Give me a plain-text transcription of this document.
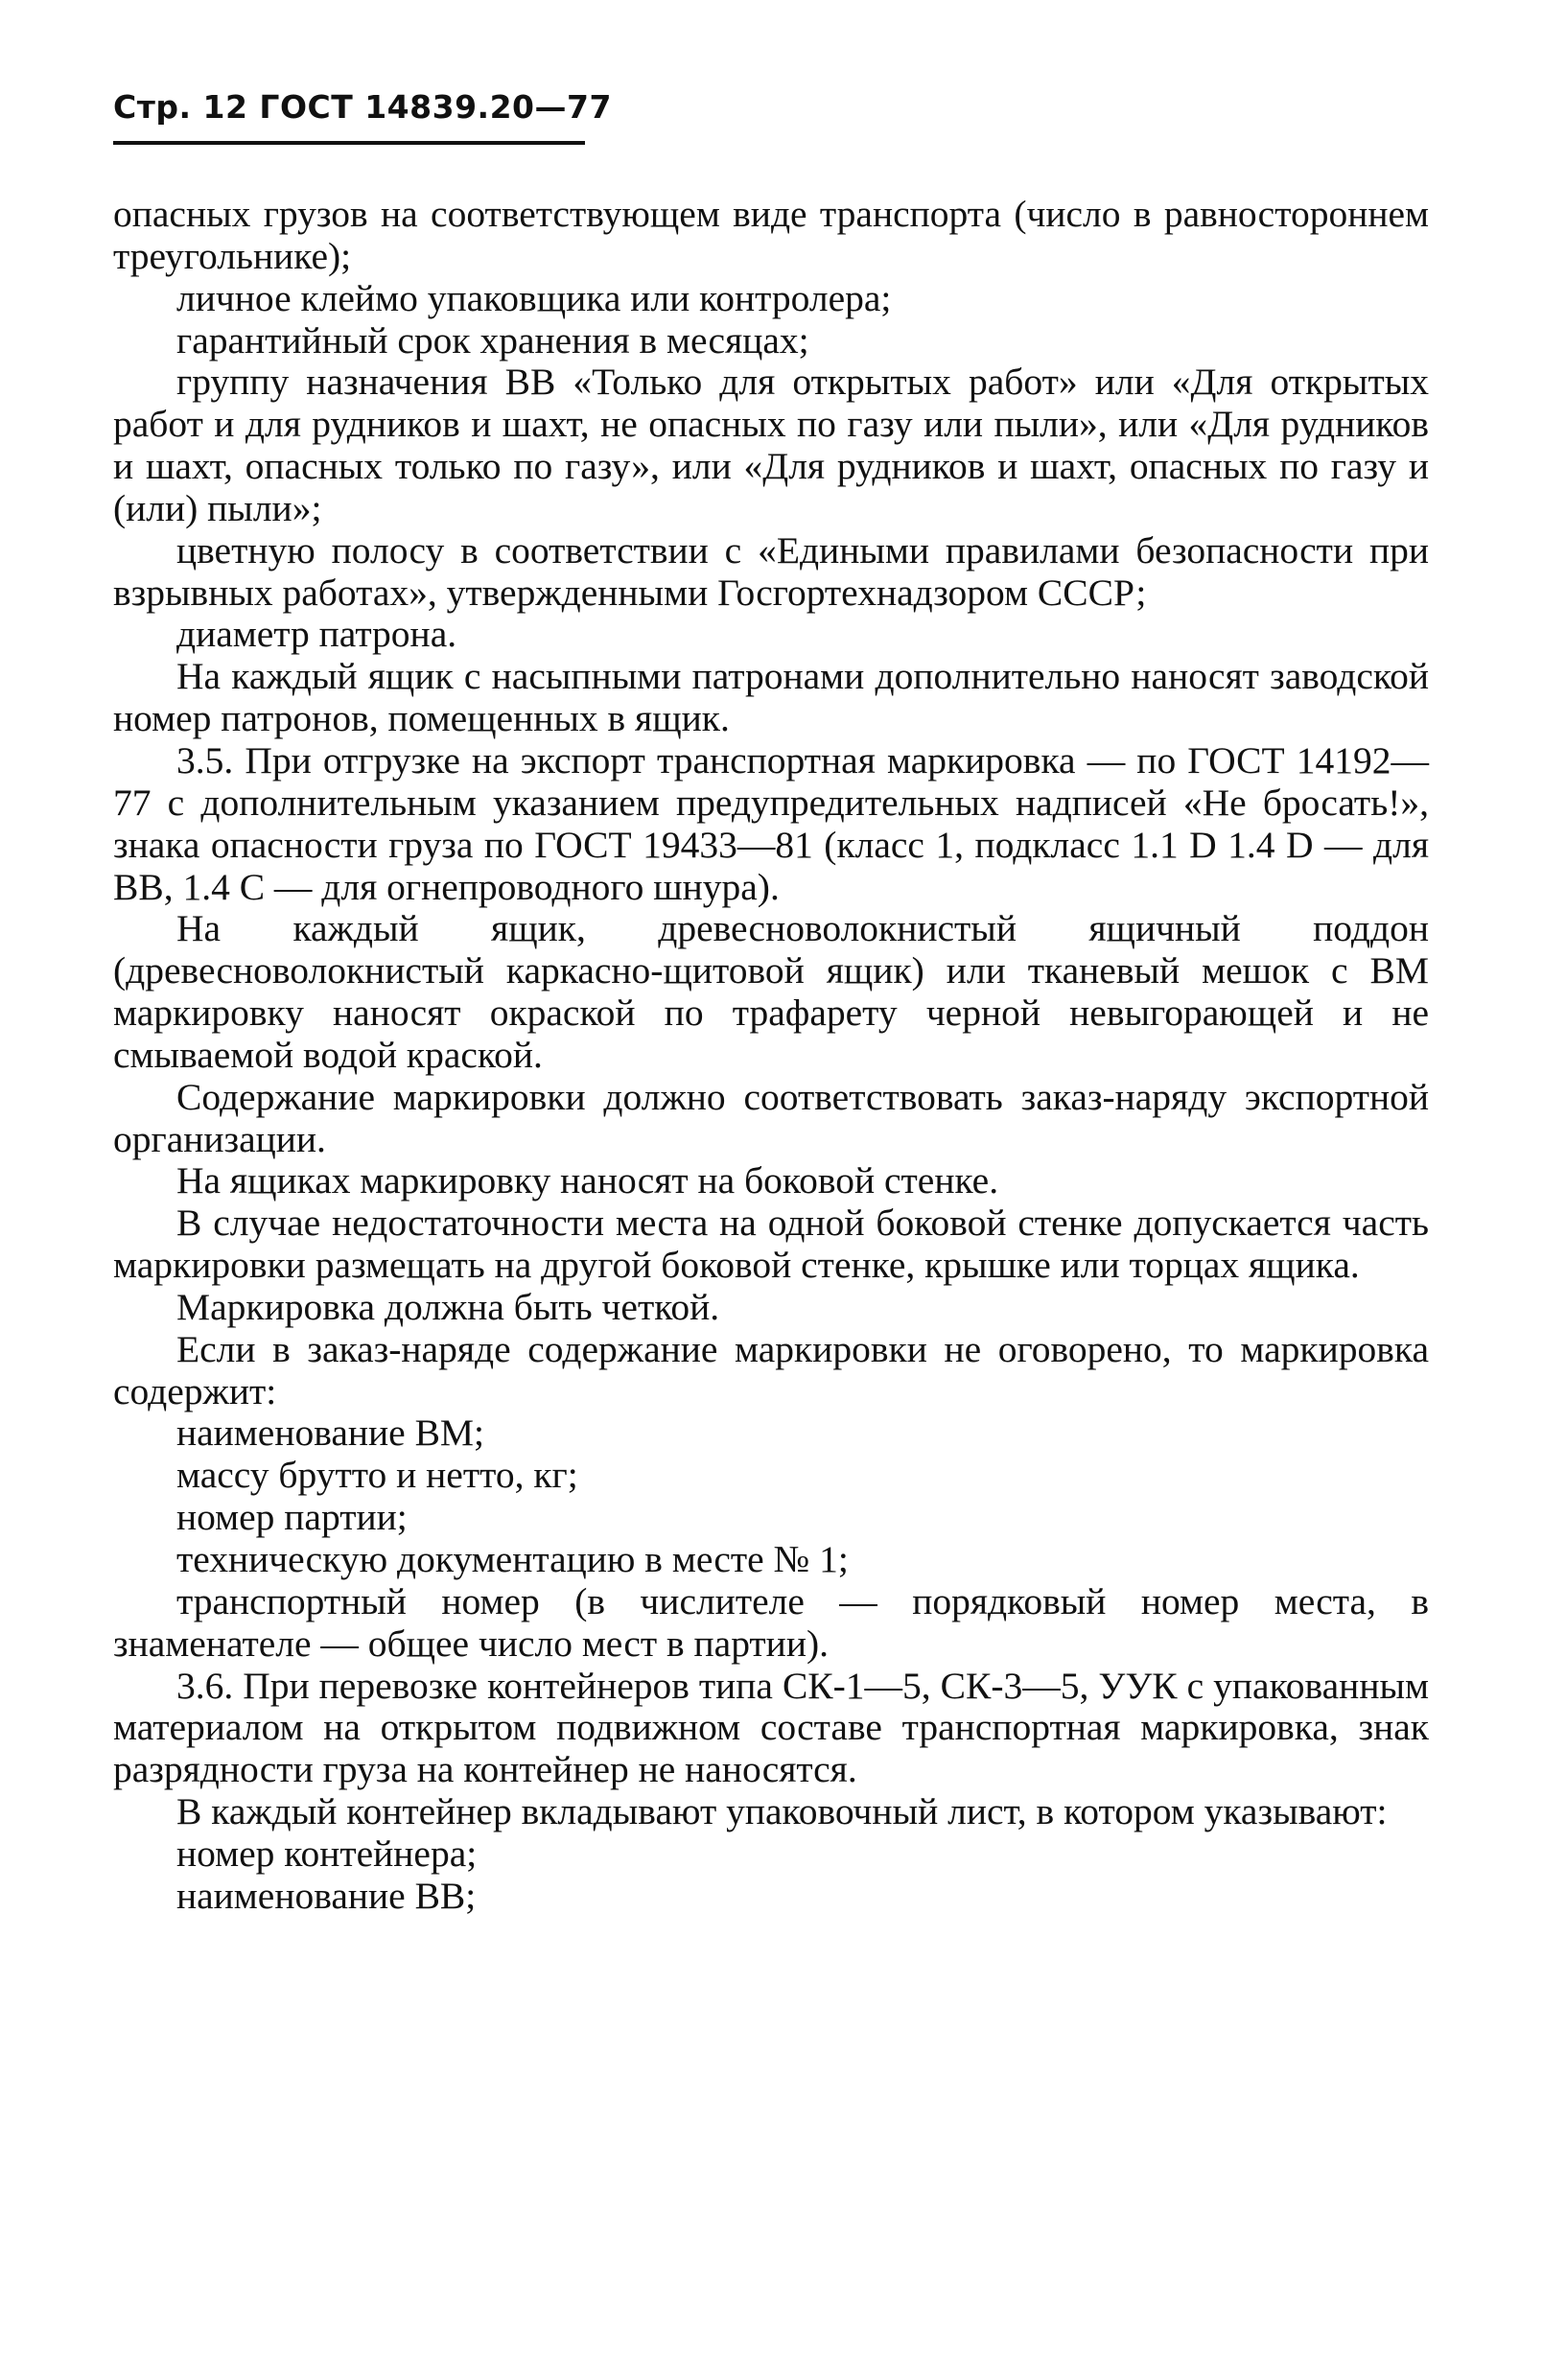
Стр. 12 ГОСТ 14839.20—77

опасных грузов на соответствующем виде транспорта (число в равностороннем треугольнике);

личное клеймо упаковщика или контролера;

гарантийный срок хранения в месяцах;

группу назначения ВВ «Только для открытых работ» или «Для открытых работ и для рудников и шахт, не опасных по газу или пыли», или «Для рудников и шахт, опасных только по газу», или «Для рудников и шахт, опасных по газу и (или) пыли»;

цветную полосу в соответствии с «Едиными правилами безопасности при взрывных работах», утвержденными Госгортехнадзором СССР;

диаметр патрона.

На каждый ящик с насыпными патронами дополнительно наносят заводской номер патронов, помещенных в ящик.

3.5. При отгрузке на экспорт транспортная маркировка — по ГОСТ 14192—77 с дополнительным указанием предупредительных надписей «Не бросать!», знака опасности груза по ГОСТ 19433—81 (класс 1, подкласс 1.1 D 1.4 D — для ВВ, 1.4 С — для огнепроводного шнура).

На каждый ящик, древесноволокнистый ящичный поддон (древесноволокнистый каркасно-щитовой ящик) или тканевый мешок с ВМ маркировку наносят окраской по трафарету черной невыгорающей и не смываемой водой краской.

Содержание маркировки должно соответствовать заказ-наряду экспортной организации.

На ящиках маркировку наносят на боковой стенке.

В случае недостаточности места на одной боковой стенке допускается часть маркировки размещать на другой боковой стенке, крышке или торцах ящика.

Маркировка должна быть четкой.

Если в заказ-наряде содержание маркировки не оговорено, то маркировка содержит:

наименование ВМ;

массу брутто и нетто, кг;

номер партии;

техническую документацию в месте № 1;

транспортный номер (в числителе — порядковый номер места, в знаменателе — общее число мест в партии).

3.6. При перевозке контейнеров типа СК-1—5, СК-3—5, УУК с упакованным материалом на открытом подвижном составе транспортная маркировка, знак разрядности груза на контейнер не наносятся.

В каждый контейнер вкладывают упаковочный лист, в котором указывают:

номер контейнера;

наименование ВВ;
